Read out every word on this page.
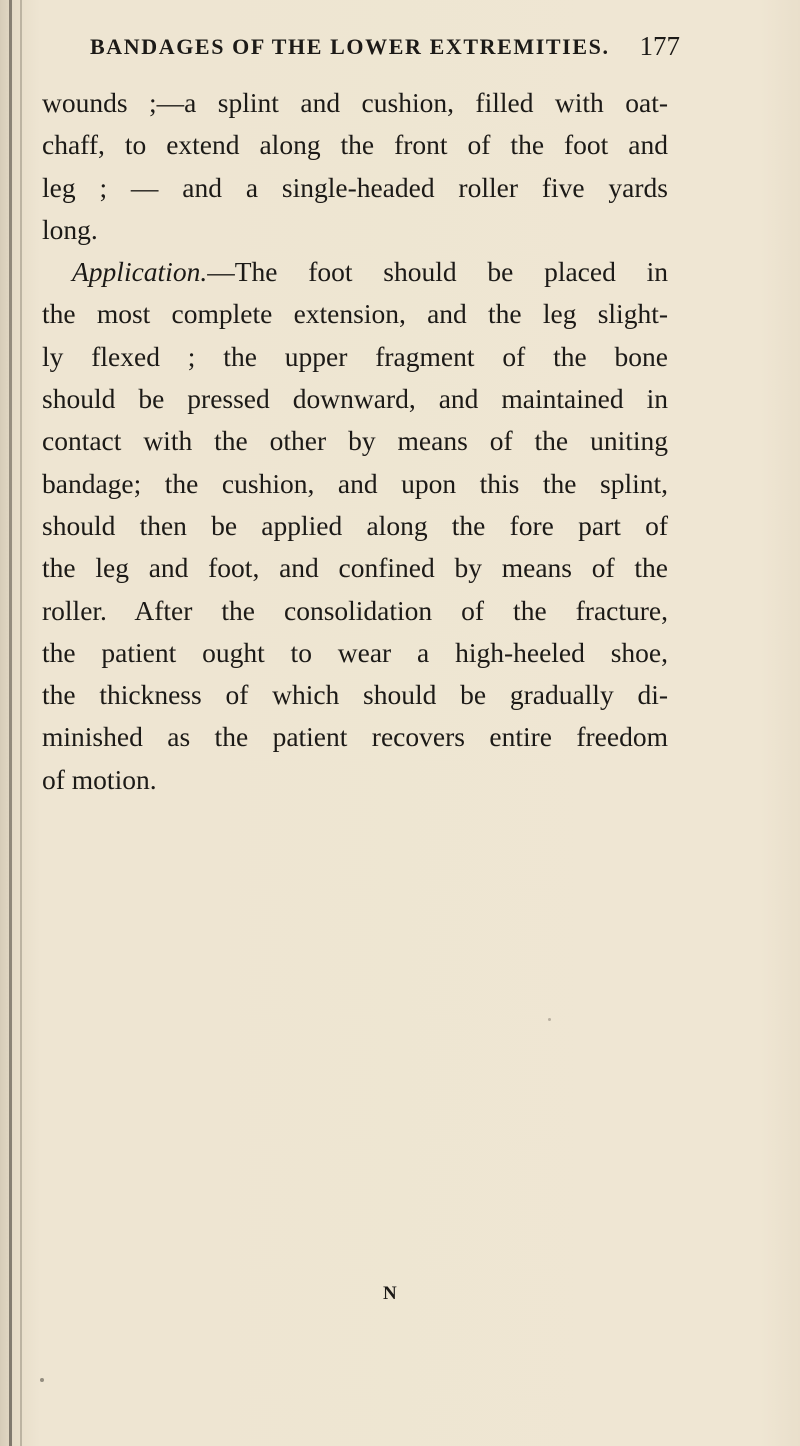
BANDAGES OF THE LOWER EXTREMITIES. 177
wounds ;—a splint and cushion, filled with oat-
chaff, to extend along the front of the foot and
leg ; — and a single-headed roller five yards
long.
Application.—The foot should be placed in
the most complete extension, and the leg slight-
ly flexed ; the upper fragment of the bone
should be pressed downward, and maintained in
contact with the other by means of the uniting
bandage; the cushion, and upon this the splint,
should then be applied along the fore part of
the leg and foot, and confined by means of the
roller. After the consolidation of the fracture,
the patient ought to wear a high-heeled shoe,
the thickness of which should be gradually di-
minished as the patient recovers entire freedom
of motion.
N
